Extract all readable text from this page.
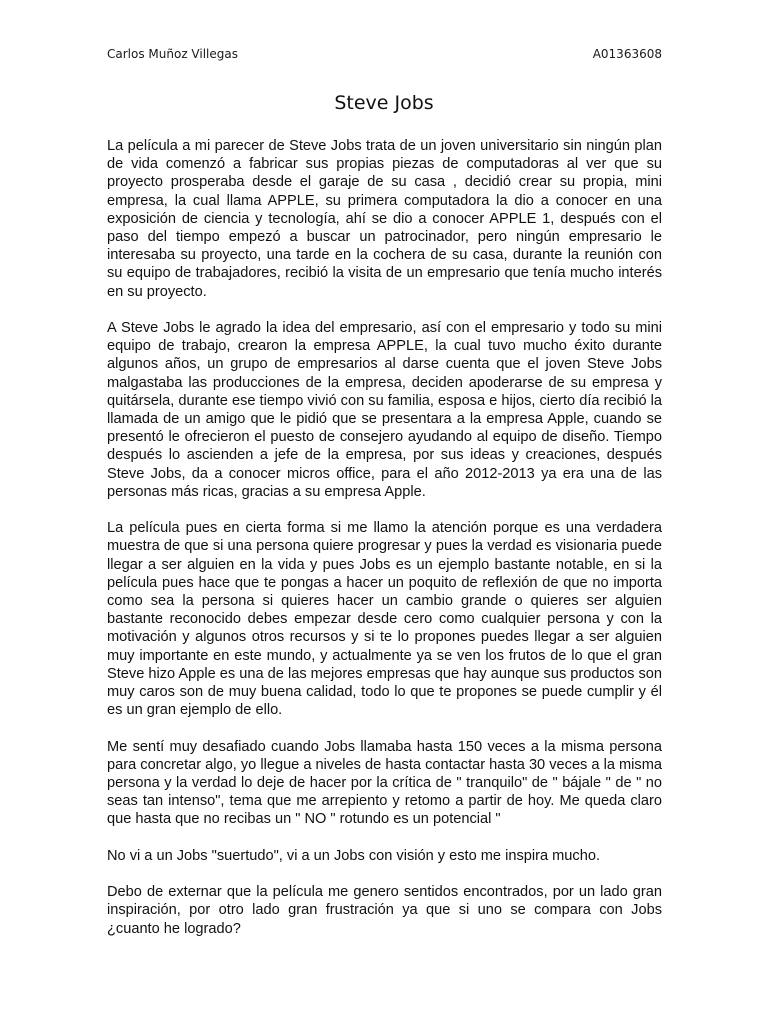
Carlos Muñoz Villegas	A01363608
Steve Jobs

La película a mi parecer de Steve Jobs trata de un joven universitario sin ningún plan de vida comenzó a fabricar sus propias piezas de computadoras al ver que su proyecto prosperaba desde el garaje de su casa , decidió crear su propia, mini empresa, la cual llama APPLE, su primera computadora la dio a conocer en una exposición de ciencia y tecnología, ahí se dio a conocer APPLE 1, después con el paso del tiempo empezó a buscar un patrocinador, pero ningún empresario le interesaba su proyecto, una tarde en la cochera de su casa, durante la reunión con su equipo de trabajadores, recibió la visita de un empresario que tenía mucho interés en su proyecto.

A Steve Jobs le agrado la idea del empresario, así con el empresario y todo su mini equipo de trabajo, crearon la empresa APPLE, la cual tuvo mucho éxito durante algunos años, un grupo de empresarios al darse cuenta que el joven Steve Jobs malgastaba las producciones de la empresa, deciden apoderarse de su empresa y quitársela, durante ese tiempo vivió con su familia, esposa e hijos, cierto día recibió la llamada de un amigo que le pidió que se presentara a la empresa Apple, cuando se presentó le ofrecieron el puesto de consejero ayudando al equipo de diseño. Tiempo después lo ascienden a jefe de la empresa, por sus ideas y creaciones, después Steve Jobs, da a conocer micros office, para el año 2012-2013 ya era una de las personas más ricas, gracias a su empresa Apple.

La película pues en cierta forma si me llamo la atención porque es una verdadera muestra de que si una persona quiere progresar y pues la verdad es visionaria puede llegar a ser alguien en la vida y pues Jobs es un ejemplo bastante notable, en si la película pues hace que te pongas a hacer un poquito de reflexión de que no importa como sea la persona si quieres hacer un cambio grande o quieres ser alguien bastante reconocido debes empezar desde cero como cualquier persona y con la motivación y algunos otros recursos y si te lo propones puedes llegar a ser alguien muy importante en este mundo, y actualmente ya se ven los frutos de lo que el gran Steve hizo Apple es una de las mejores empresas que hay aunque sus productos son muy caros son de muy buena calidad, todo lo que te propones se puede cumplir y él es un gran ejemplo de ello.

Me sentí muy desafiado cuando Jobs llamaba hasta 150 veces a la misma persona para concretar algo, yo llegue a niveles de hasta contactar hasta 30 veces a la misma persona y la verdad lo deje de hacer por la crítica de " tranquilo" de " bájale " de " no seas tan intenso", tema que me arrepiento y retomo a partir de hoy. Me queda claro que hasta que no recibas un " NO " rotundo es un potencial "

No vi a un Jobs "suertudo", vi a un Jobs con visión y esto me inspira mucho.

Debo de externar que la película me genero sentidos encontrados, por un lado gran inspiración, por otro lado gran frustración ya que si uno se compara con Jobs ¿cuanto he logrado?
